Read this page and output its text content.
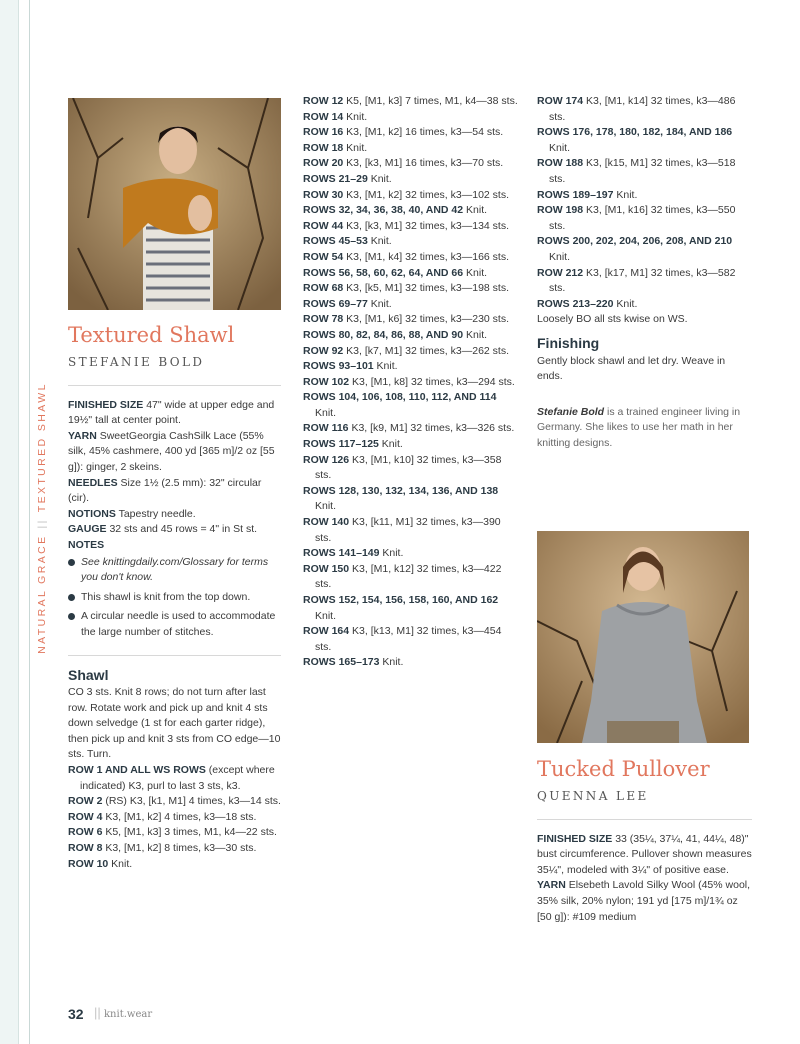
NATURAL GRACE||TEXTURED SHAWL
Textured Shawl
STEFANIE BOLD

FINISHED SIZE 47" wide at upper edge and 19½" tall at center point.

YARN SweetGeorgia CashSilk Lace (55% silk, 45% cashmere, 400 yd [365 m]/2 oz [55 g]): ginger, 2 skeins.

NEEDLES Size 1½ (2.5 mm): 32" circular (cir).

NOTIONS Tapestry needle.

GAUGE 32 sts and 45 rows = 4" in St st.

NOTES

See knittingdaily.com/Glossary for terms you don't know.
This shawl is knit from the top down.
A circular needle is used to accommodate the large number of stitches.
Shawl

CO 3 sts. Knit 8 rows; do not turn after last row. Rotate work and pick up and knit 4 sts down selvedge (1 st for each garter ridge), then pick up and knit 3 sts from CO edge—10 sts. Turn.

ROW 1 AND ALL WS ROWS (except where indicated) K3, purl to last 3 sts, k3.

ROW 2 (RS) K3, [k1, M1] 4 times, k3—14 sts.

ROW 4 K3, [M1, k2] 4 times, k3—18 sts.

ROW 6 K5, [M1, k3] 3 times, M1, k4—22 sts.

ROW 8 K3, [M1, k2] 8 times, k3—30 sts.

ROW 10 Knit.

ROW 12 K5, [M1, k3] 7 times, M1, k4—38 sts.

ROW 14 Knit.

ROW 16 K3, [M1, k2] 16 times, k3—54 sts.

ROW 18 Knit.

ROW 20 K3, [k3, M1] 16 times, k3—70 sts.

ROWS 21–29 Knit.

ROW 30 K3, [M1, k2] 32 times, k3—102 sts.

ROWS 32, 34, 36, 38, 40, AND 42 Knit.

ROW 44 K3, [k3, M1] 32 times, k3—134 sts.

ROWS 45–53 Knit.

ROW 54 K3, [M1, k4] 32 times, k3—166 sts.

ROWS 56, 58, 60, 62, 64, AND 66 Knit.

ROW 68 K3, [k5, M1] 32 times, k3—198 sts.

ROWS 69–77 Knit.

ROW 78 K3, [M1, k6] 32 times, k3—230 sts.

ROWS 80, 82, 84, 86, 88, AND 90 Knit.

ROW 92 K3, [k7, M1] 32 times, k3—262 sts.

ROWS 93–101 Knit.

ROW 102 K3, [M1, k8] 32 times, k3—294 sts.

ROWS 104, 106, 108, 110, 112, AND 114 Knit.

ROW 116 K3, [k9, M1] 32 times, k3—326 sts.

ROWS 117–125 Knit.

ROW 126 K3, [M1, k10] 32 times, k3—358 sts.

ROWS 128, 130, 132, 134, 136, AND 138 Knit.

ROW 140 K3, [k11, M1] 32 times, k3—390 sts.

ROWS 141–149 Knit.

ROW 150 K3, [M1, k12] 32 times, k3—422 sts.

ROWS 152, 154, 156, 158, 160, AND 162 Knit.

ROW 164 K3, [k13, M1] 32 times, k3—454 sts.

ROWS 165–173 Knit.

ROW 174 K3, [M1, k14] 32 times, k3—486 sts.

ROWS 176, 178, 180, 182, 184, AND 186 Knit.

ROW 188 K3, [k15, M1] 32 times, k3—518 sts.

ROWS 189–197 Knit.

ROW 198 K3, [M1, k16] 32 times, k3—550 sts.

ROWS 200, 202, 204, 206, 208, AND 210 Knit.

ROW 212 K3, [k17, M1] 32 times, k3—582 sts.

ROWS 213–220 Knit.

Loosely BO all sts kwise on WS.

Finishing

Gently block shawl and let dry. Weave in ends.

Stefanie Bold is a trained engineer living in Germany. She likes to use her math in her knitting designs.

Tucked Pullover
QUENNA LEE

FINISHED SIZE 33 (35¼, 37¼, 41, 44¼, 48)" bust circumference. Pullover shown measures 35¼", modeled with 3¼" of positive ease.

YARN Elsebeth Lavold Silky Wool (45% wool, 35% silk, 20% nylon; 191 yd [175 m]/1¾ oz [50 g]): #109 medium

32 || knit.wear
